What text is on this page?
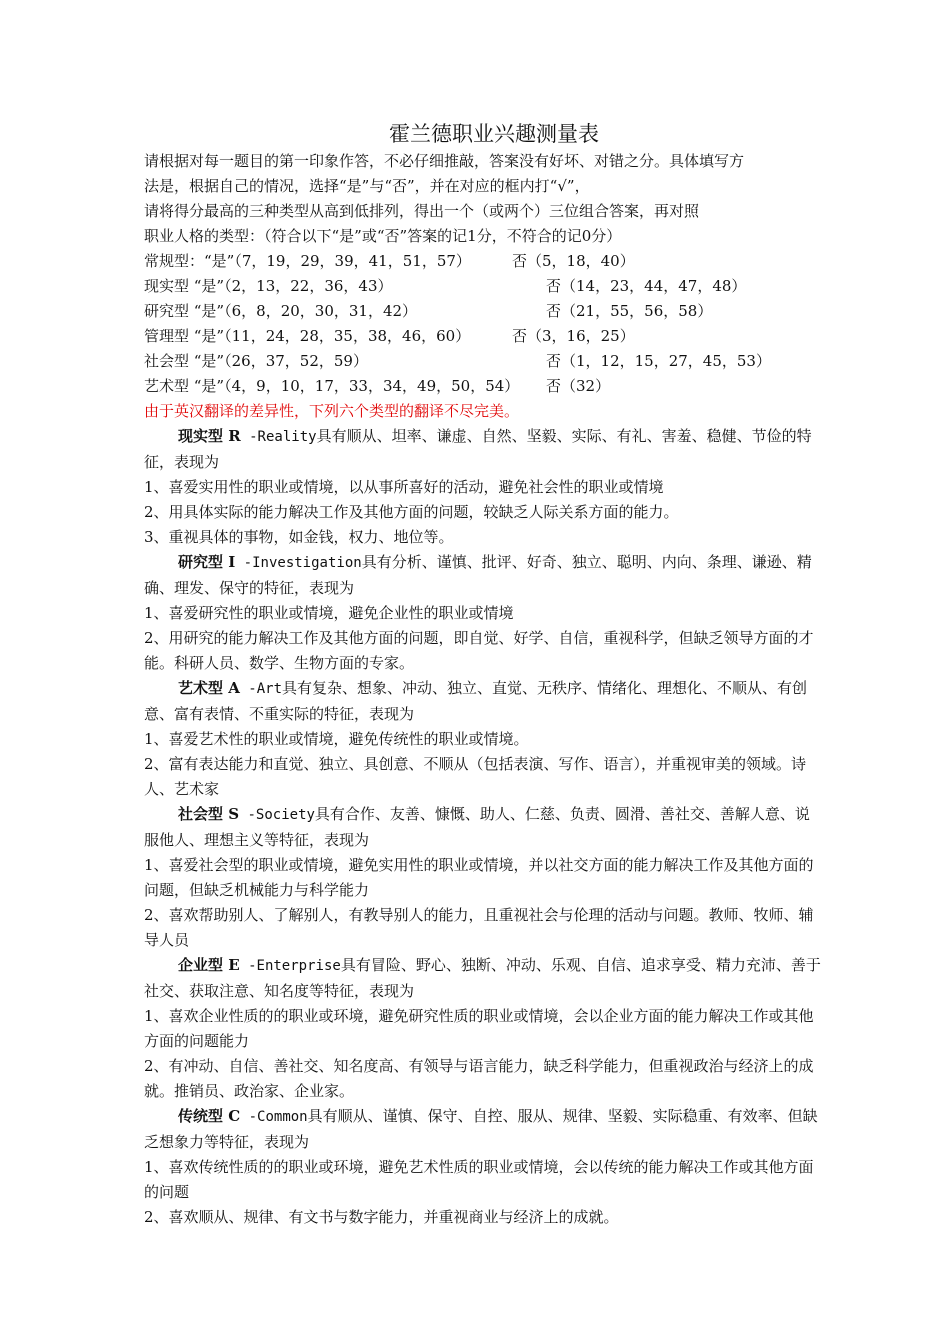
霍兰德职业兴趣测量表
请根据对每一题目的第一印象作答，不必仔细推敲，答案没有好坏、对错之分。具体填写方
法是，根据自己的情况，选择“是”与“否”，并在对应的框内打“√”，
请将得分最高的三种类型从高到低排列，得出一个（或两个）三位组合答案，再对照
职业人格的类型：（符合以下“是”或“否”答案的记1分，不符合的记0分）
常规型：“是”（7，19，29，39，41，51，57）	否（5，18，40）
现实型 “是”（2，13，22，36，43）	否（14，23，44，47，48）
研究型 “是”（6，8，20，30，31，42）	否（21，55，56，58）
管理型 “是”（11，24，28，35，38，46，60）	否（3，16，25）
社会型 “是”（26，37，52，59）	否（1，12，15，27，45，53）
艺术型 “是”（4，9，10，17，33，34，49，50，54） 否（32）
由于英汉翻译的差异性，下列六个类型的翻译不尽完美。
现实型 R -Reality具有顺从、坦率、谦虚、自然、坚毅、实际、有礼、害羞、稳健、节俭的特征，表现为
1、喜爱实用性的职业或情境，以从事所喜好的活动，避免社会性的职业或情境
2、用具体实际的能力解决工作及其他方面的问题，较缺乏人际关系方面的能力。
3、重视具体的事物，如金钱，权力、地位等。
研究型 I -Investigation具有分析、谨慎、批评、好奇、独立、聪明、内向、条理、谦逊、精确、理发、保守的特征，表现为
1、喜爱研究性的职业或情境，避免企业性的职业或情境
2、用研究的能力解决工作及其他方面的问题，即自觉、好学、自信，重视科学，但缺乏领导方面的才能。科研人员、数学、生物方面的专家。
艺术型 A -Art具有复杂、想象、冲动、独立、直觉、无秩序、情绪化、理想化、不顺从、有创意、富有表情、不重实际的特征，表现为
1、喜爱艺术性的职业或情境，避免传统性的职业或情境。
2、富有表达能力和直觉、独立、具创意、不顺从（包括表演、写作、语言），并重视审美的领域。诗人、艺术家
社会型 S -Society具有合作、友善、慷慨、助人、仁慈、负责、圆滑、善社交、善解人意、说服他人、理想主义等特征，表现为
1、喜爱社会型的职业或情境，避免实用性的职业或情境，并以社交方面的能力解决工作及其他方面的问题，但缺乏机械能力与科学能力
2、喜欢帮助别人、了解别人，有教导别人的能力，且重视社会与伦理的活动与问题。教师、牧师、辅导人员
企业型 E -Enterprise具有冒险、野心、独断、冲动、乐观、自信、追求享受、精力充沛、善于社交、获取注意、知名度等特征，表现为
1、喜欢企业性质的的职业或环境，避免研究性质的职业或情境，会以企业方面的能力解决工作或其他方面的问题能力
2、有冲动、自信、善社交、知名度高、有领导与语言能力，缺乏科学能力，但重视政治与经济上的成就。推销员、政治家、企业家。
传统型 C -Common具有顺从、谨慎、保守、自控、服从、规律、坚毅、实际稳重、有效率、但缺乏想象力等特征，表现为
1、喜欢传统性质的的职业或环境，避免艺术性质的职业或情境，会以传统的能力解决工作或其他方面的问题
2、喜欢顺从、规律、有文书与数字能力，并重视商业与经济上的成就。
